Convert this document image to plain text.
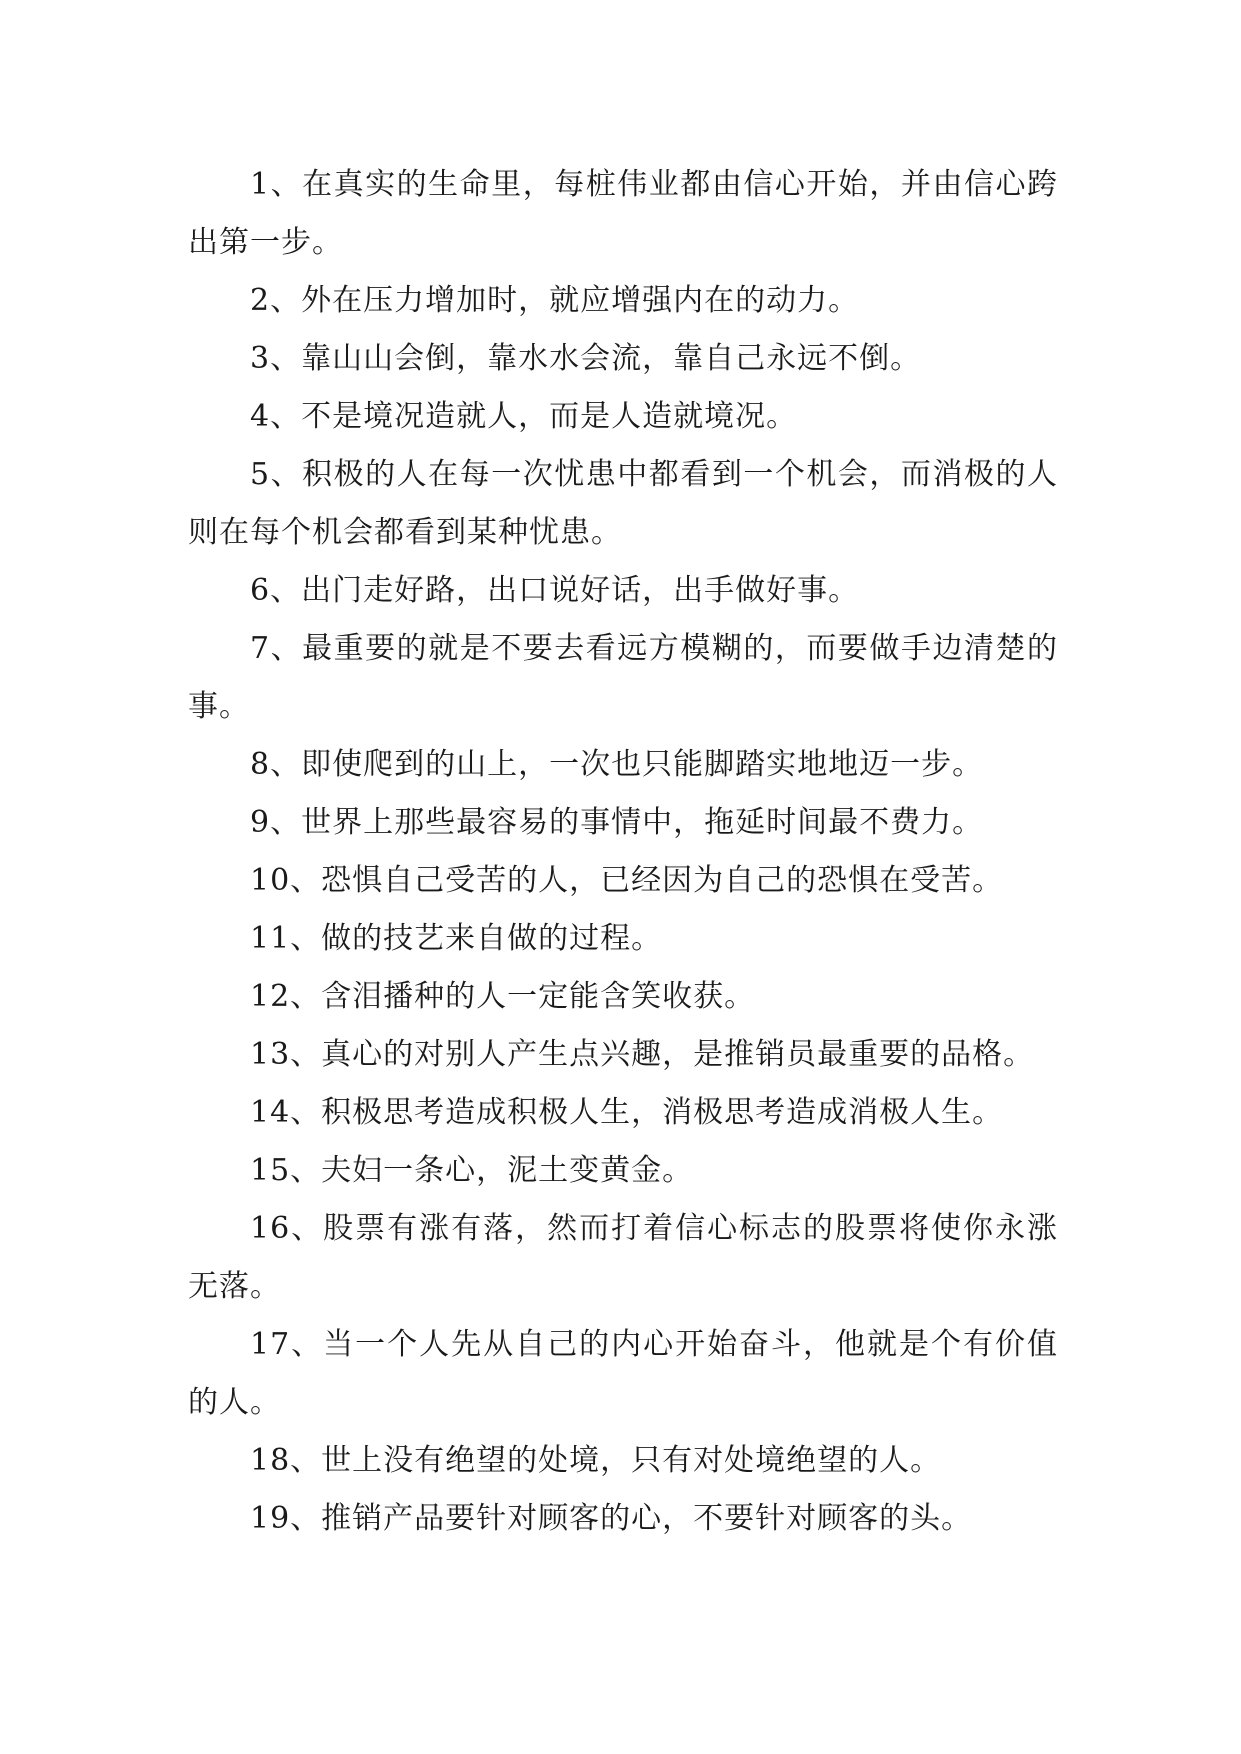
1、在真实的生命里，每桩伟业都由信心开始，并由信心跨出第一步。

2、外在压力增加时，就应增强内在的动力。

3、靠山山会倒，靠水水会流，靠自己永远不倒。

4、不是境况造就人，而是人造就境况。

5、积极的人在每一次忧患中都看到一个机会，而消极的人则在每个机会都看到某种忧患。

6、出门走好路，出口说好话，出手做好事。

7、最重要的就是不要去看远方模糊的，而要做手边清楚的事。

8、即使爬到的山上，一次也只能脚踏实地地迈一步。

9、世界上那些最容易的事情中，拖延时间最不费力。

10、恐惧自己受苦的人，已经因为自己的恐惧在受苦。

11、做的技艺来自做的过程。

12、含泪播种的人一定能含笑收获。

13、真心的对别人产生点兴趣，是推销员最重要的品格。

14、积极思考造成积极人生，消极思考造成消极人生。

15、夫妇一条心，泥土变黄金。

16、股票有涨有落，然而打着信心标志的股票将使你永涨无落。

17、当一个人先从自己的内心开始奋斗，他就是个有价值的人。

18、世上没有绝望的处境，只有对处境绝望的人。

19、推销产品要针对顾客的心，不要针对顾客的头。
